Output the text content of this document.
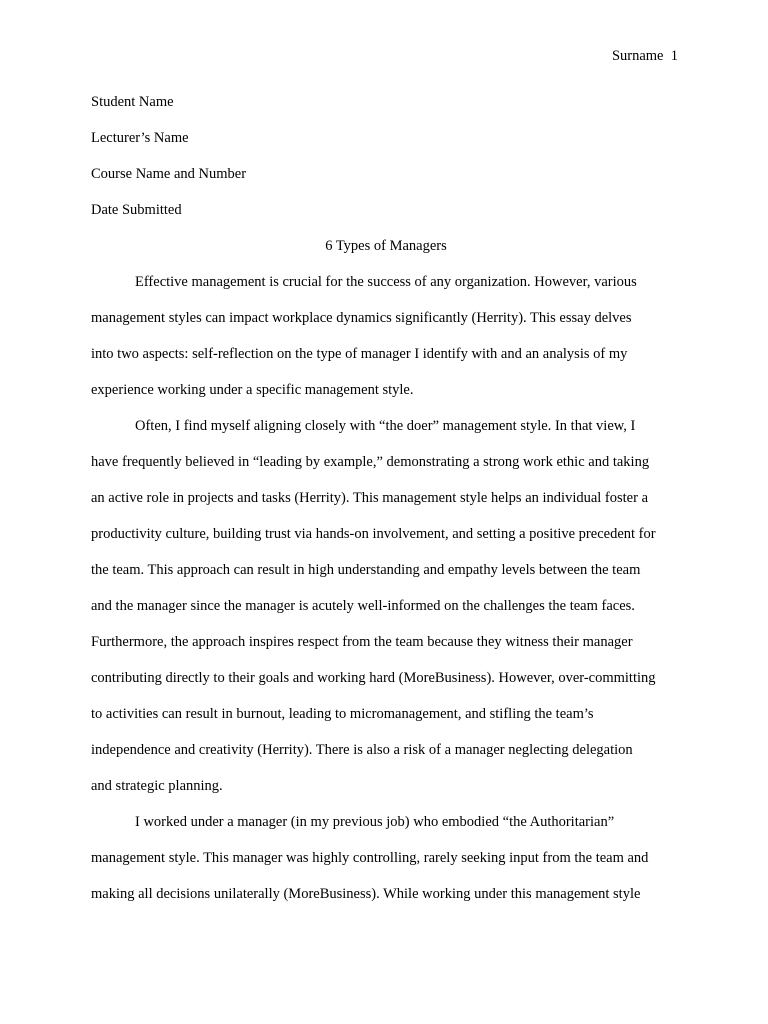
Surname  1
Student Name
Lecturer’s Name
Course Name and Number
Date Submitted
6 Types of Managers
Effective management is crucial for the success of any organization. However, various
management styles can impact workplace dynamics significantly (Herrity). This essay delves
into two aspects: self-reflection on the type of manager I identify with and an analysis of my
experience working under a specific management style.
Often, I find myself aligning closely with “the doer” management style. In that view, I
have frequently believed in “leading by example,” demonstrating a strong work ethic and taking
an active role in projects and tasks (Herrity). This management style helps an individual foster a
productivity culture, building trust via hands-on involvement, and setting a positive precedent for
the team. This approach can result in high understanding and empathy levels between the team
and the manager since the manager is acutely well-informed on the challenges the team faces.
Furthermore, the approach inspires respect from the team because they witness their manager
contributing directly to their goals and working hard (MoreBusiness). However, over-committing
to activities can result in burnout, leading to micromanagement, and stifling the team’s
independence and creativity (Herrity). There is also a risk of a manager neglecting delegation
and strategic planning.
I worked under a manager (in my previous job) who embodied “the Authoritarian”
management style. This manager was highly controlling, rarely seeking input from the team and
making all decisions unilaterally (MoreBusiness). While working under this management style
